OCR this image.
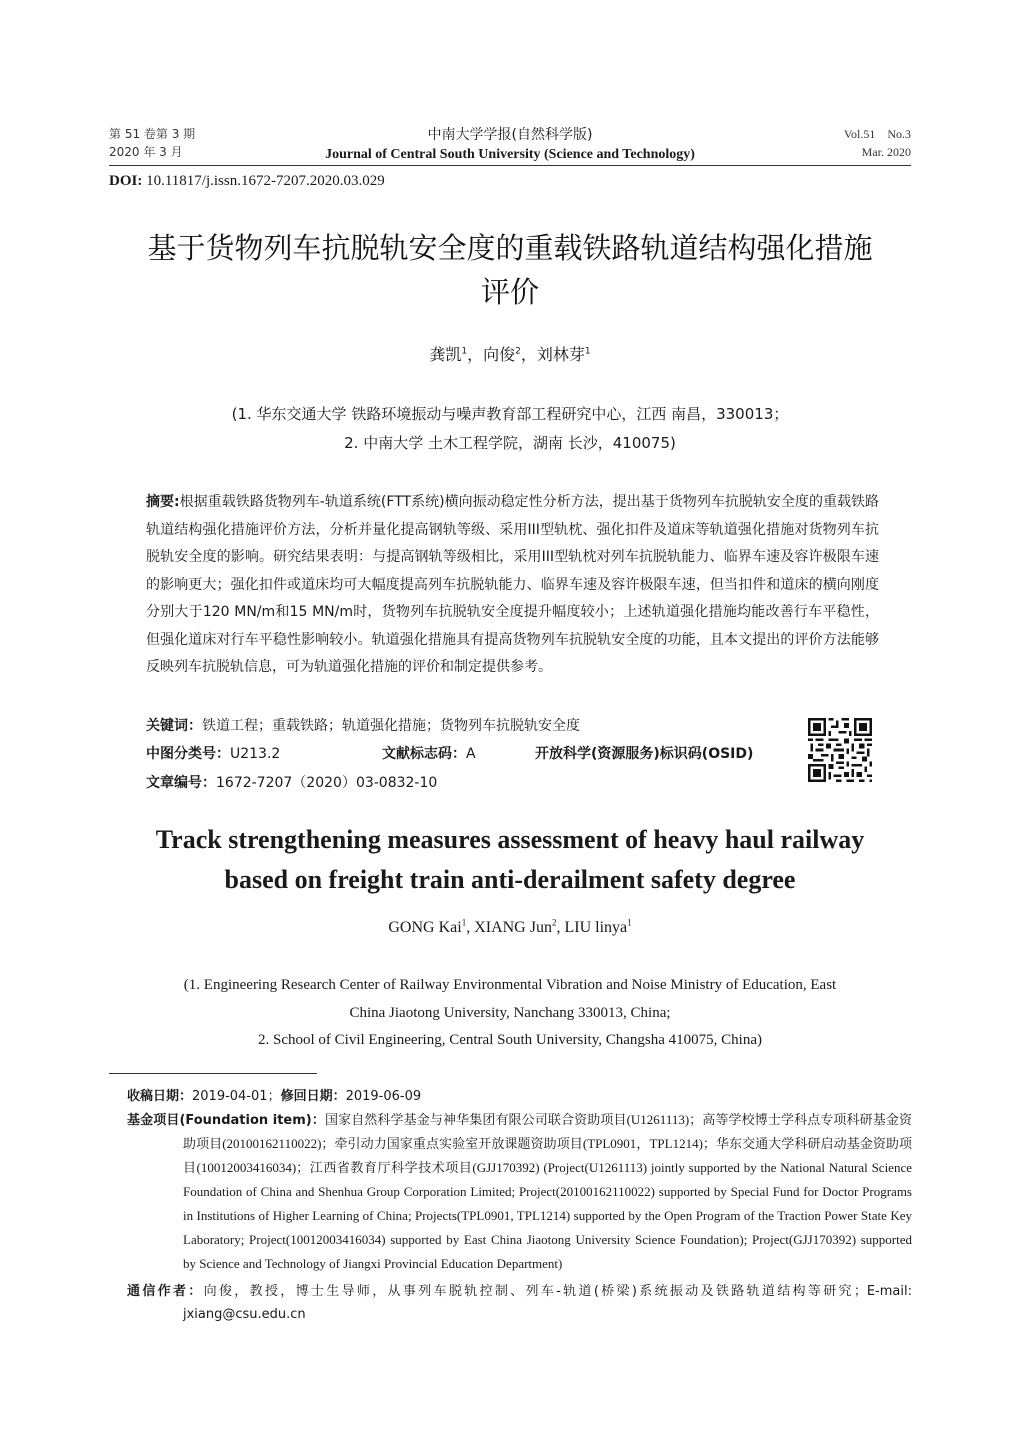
第 51 卷第 3 期
2020 年 3 月
中南大学学报(自然科学版)
Journal of Central South University (Science and Technology)
Vol.51    No.3
Mar. 2020
DOI: 10.11817/j.issn.1672-7207.2020.03.029
基于货物列车抗脱轨安全度的重载铁路轨道结构强化措施
评价
龚凯$^1$，向俊$^2$，刘林芽$^1$
(1. 华东交通大学 铁路环境振动与噪声教育部工程研究中心，江西 南昌，330013；
2. 中南大学 土木工程学院，湖南 长沙，410075)
摘要:根据重载铁路货物列车-轨道系统(FTT系统)横向振动稳定性分析方法，提出基于货物列车抗脱轨安全度的重载铁路轨道结构强化措施评价方法，分析并量化提高钢轨等级、采用III型轨枕、强化扣件及道床等轨道强化措施对货物列车抗脱轨安全度的影响。研究结果表明：与提高钢轨等级相比，采用III型轨枕对列车抗脱轨能力、临界车速及容许极限车速的影响更大；强化扣件或道床均可大幅度提高列车抗脱轨能力、临界车速及容许极限车速，但当扣件和道床的横向刚度分别大于120 MN/m和15 MN/m时，货物列车抗脱轨安全度提升幅度较小；上述轨道强化措施均能改善行车平稳性，但强化道床对行车平稳性影响较小。轨道强化措施具有提高货物列车抗脱轨安全度的功能，且本文提出的评价方法能够反映列车抗脱轨信息，可为轨道强化措施的评价和制定提供参考。
关键词：铁道工程；重载铁路；轨道强化措施；货物列车抗脱轨安全度
中图分类号：U213.2	文献标志码：A	开放科学(资源服务)标识码(OSID)
文章编号：1672-7207（2020）03-0832-10
Track strengthening measures assessment of heavy haul railway
based on freight train anti-derailment safety degree
GONG Kai$^1$, XIANG Jun$^2$, LIU linya$^1$
(1. Engineering Research Center of Railway Environmental Vibration and Noise Ministry of Education, East
China Jiaotong University, Nanchang 330013, China;
2. School of Civil Engineering, Central South University, Changsha 410075, China)
收稿日期：2019-04-01；修回日期：2019-06-09
基金项目(Foundation item)：国家自然科学基金与神华集团有限公司联合资助项目(U1261113)；高等学校博士学科点专项科研基金资助项目(20100162110022)；牵引动力国家重点实验室开放课题资助项目(TPL0901，TPL1214)；华东交通大学科研启动基金资助项目(10012003416034)；江西省教育厅科学技术项目(GJJ170392) (Project(U1261113) jointly supported by the National Natural Science Foundation of China and Shenhua Group Corporation Limited; Project(20100162110022) supported by Special Fund for Doctor Programs in Institutions of Higher Learning of China; Projects(TPL0901, TPL1214) supported by the Open Program of the Traction Power State Key Laboratory; Project(10012003416034) supported by East China Jiaotong University Science Foundation); Project(GJJ170392) supported by Science and Technology of Jiangxi Provincial Education Department)
通信作者：向俊，教授，博士生导师，从事列车脱轨控制、列车-轨道(桥梁)系统振动及铁路轨道结构等研究；E-mail: jxiang@csu.edu.cn
